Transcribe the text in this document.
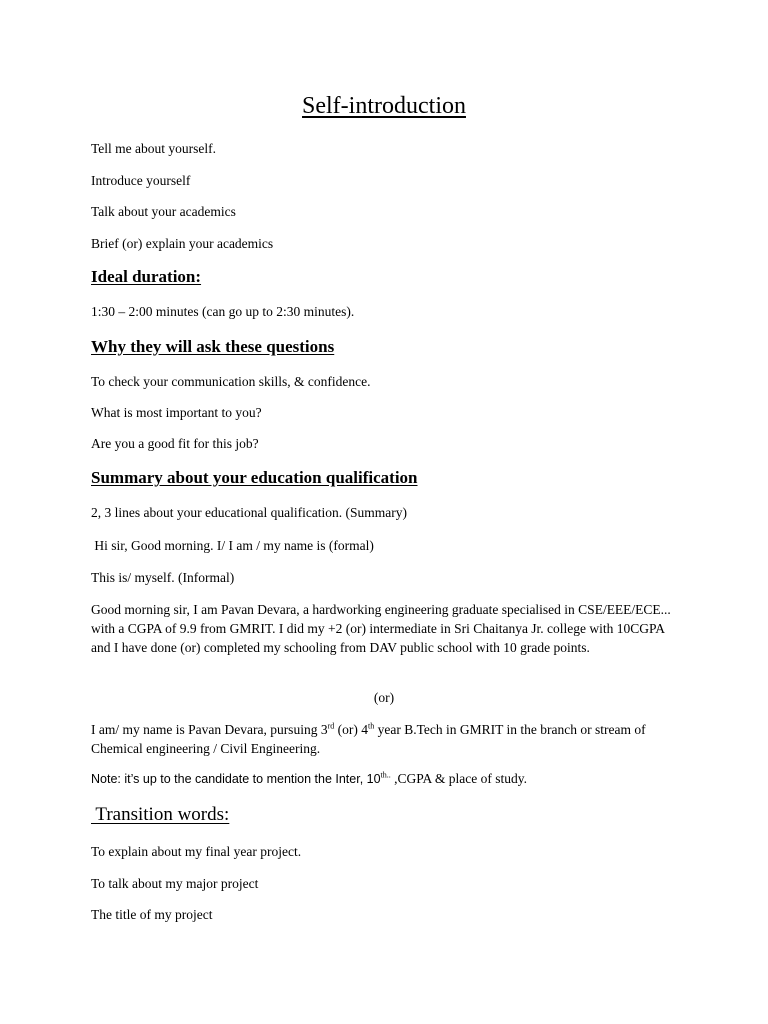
Self-introduction

Tell me about yourself.

Introduce yourself

Talk about your academics

Brief (or) explain your academics

Ideal duration:

1:30 – 2:00 minutes (can go up to 2:30 minutes).

Why they will ask these questions

To check your communication skills, & confidence.

What is most important to you?

Are you a good fit for this job?

Summary about your education qualification

2, 3 lines about your educational qualification. (Summary)

Hi sir, Good morning. I/ I am / my name is (formal)

This is/ myself. (Informal)

Good morning sir, I am Pavan Devara, a hardworking engineering graduate specialised in CSE/EEE/ECE... with a CGPA of 9.9 from GMRIT. I did my +2 (or) intermediate in Sri Chaitanya Jr. college with 10CGPA and I have done (or) completed my schooling from DAV public school with 10 grade points.

(or)

I am/ my name is Pavan Devara, pursuing 3rd (or) 4th year B.Tech in GMRIT in the branch or stream of Chemical engineering / Civil Engineering.

Note: it’s up to the candidate to mention the Inter, $10^{th..}$ ,CGPA & place of study.

Transition words:

To explain about my final year project.

To talk about my major project

The title of my project
